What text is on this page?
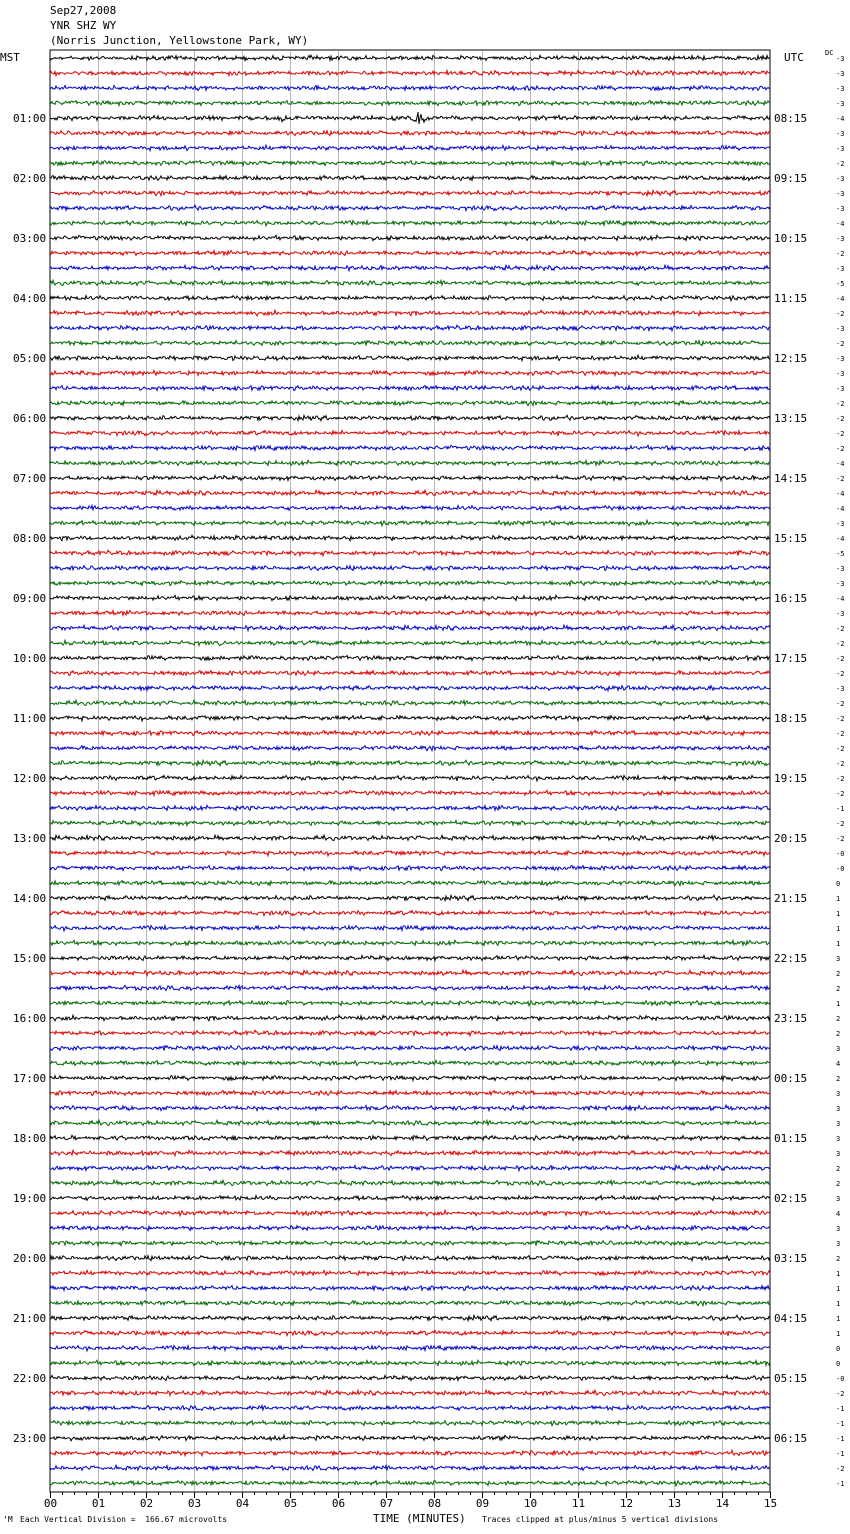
Sep27,2008
YNR SHZ WY
(Norris Junction, Yellowstone Park, WY)
MST	UTC	DC
00	01	02	03	04	05	06	07	08	09	10	11	12	13	14	15
-3
-3
-3
-3
-4
-3
-3
-2
-3
-3
-3
-4
-3
-2
-3
-5
-4
-2
-3
-2
-3
-3
-3
-2
-2
-2
-2
-4
-2
-4
-4
-3
-4
-5
-3
-3
-4
-3
-2
-2
-2
-2
-3
-2
-2
-2
-2
-2
-2
-2
-1
-2
-2
-0
-0
0
1
1
1
1
3
2
2
1
2
2
3
4
2
3
3
3
3
3
2
2
3
4
3
3
2
1
1
1
1
1
0
0
-0
-2
-1
-1
-1
-1
-2
-1
01:00
02:00
03:00
04:00
05:00
06:00
07:00
08:00
09:00
10:00
11:00
12:00
13:00
14:00
15:00
16:00
17:00
18:00
19:00
20:00
21:00
22:00
23:00
08:15
09:15
10:15
11:15
12:15
13:15
14:15
15:15
16:15
17:15
18:15
19:15
20:15
21:15
22:15
23:15
00:15
01:15
02:15
03:15
04:15
05:15
06:15
‘M Each Vertical Division =  166.67 microvolts	TIME (MINUTES) Traces clipped at plus/minus 5 vertical divisions
